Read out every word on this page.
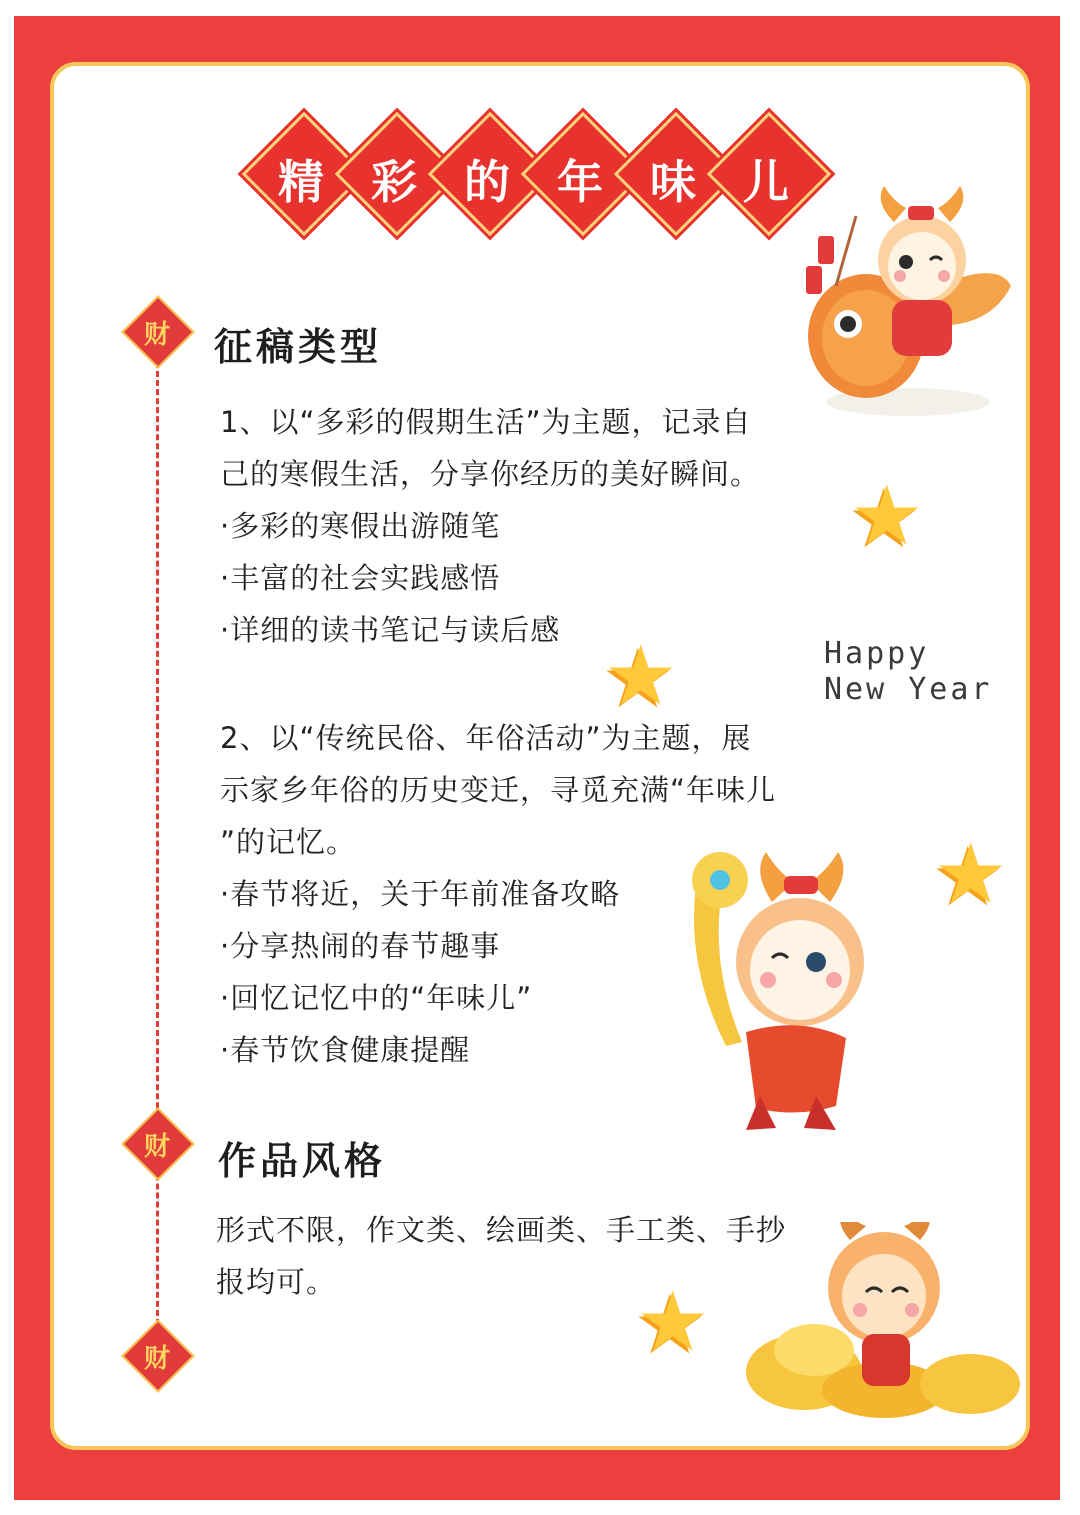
精	彩	的	年	味	儿
财
财
财
征稿类型

1、以“多彩的假期生活”为主题，记录自

己的寒假生活，分享你经历的美好瞬间。

·多彩的寒假出游随笔

·丰富的社会实践感悟

·详细的读书笔记与读后感

2、以“传统民俗、年俗活动”为主题，展

示家乡年俗的历史变迁，寻觅充满“年味儿

”的记忆。

·春节将近，关于年前准备攻略

·分享热闹的春节趣事

·回忆记忆中的“年味儿”

·春节饮食健康提醒

作品风格

形式不限，作文类、绘画类、手工类、手抄

报均可。

Happy
New Year
★
★
★
★
